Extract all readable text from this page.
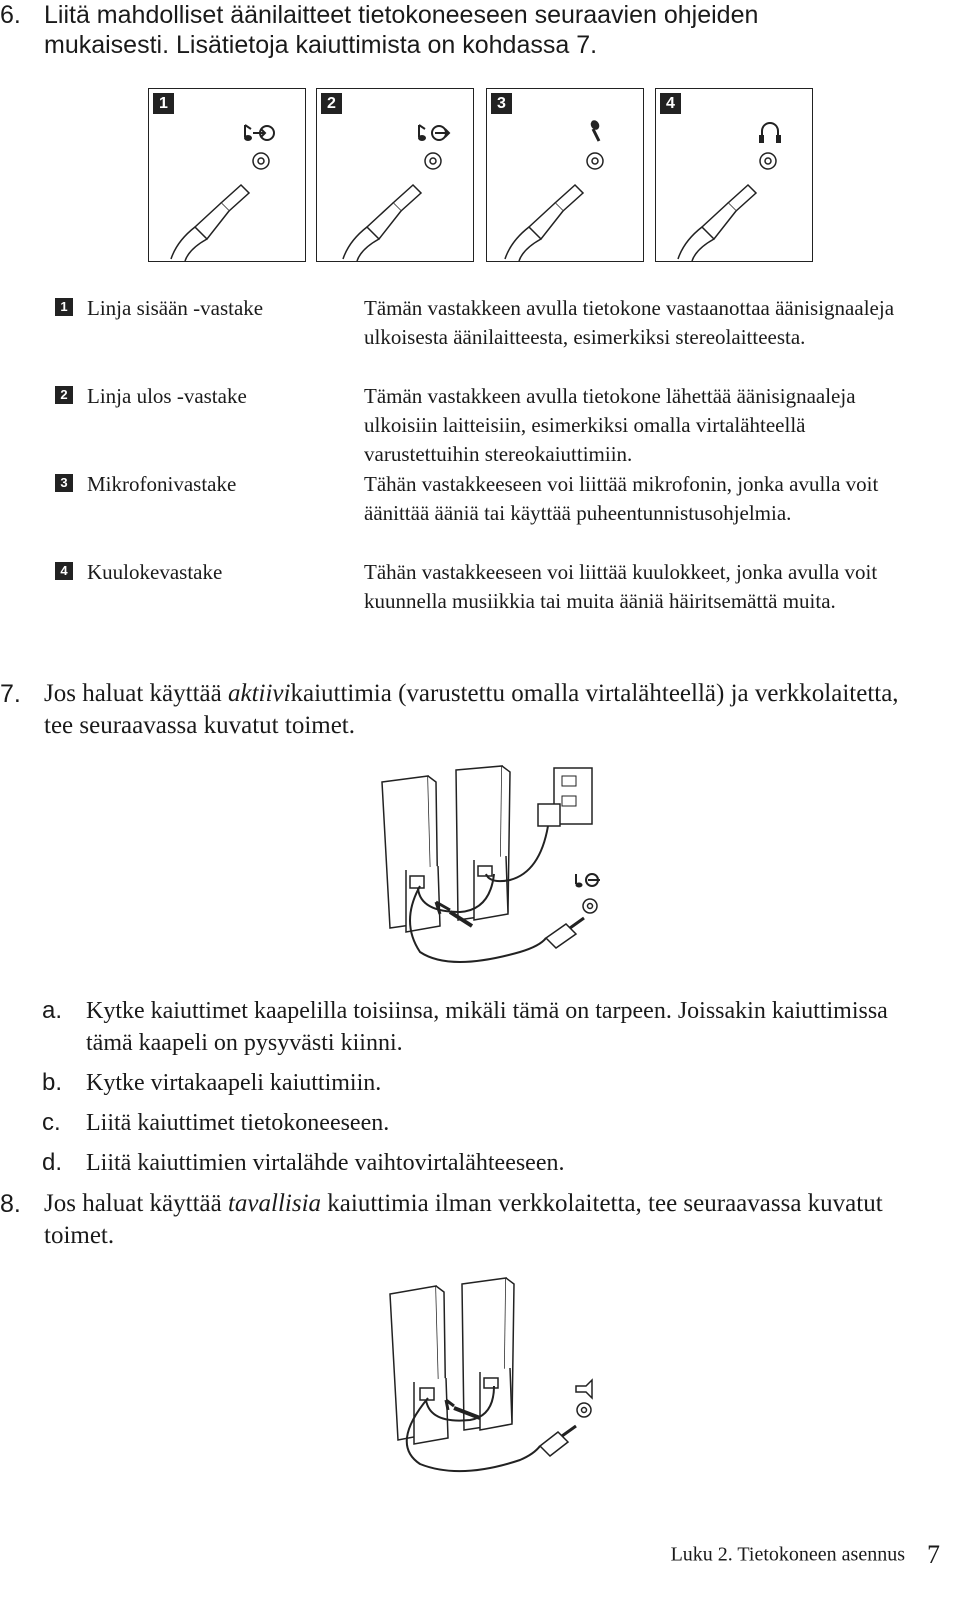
6. Liitä mahdolliset äänilaitteet tietokoneeseen seuraavien ohjeiden mukaisesti. Lisätietoja kaiuttimista on kohdassa 7.
1	2	3	4
1 Linja sisään -vastake	Tämän vastakkeen avulla tietokone vastaanottaa äänisignaaleja ulkoisesta äänilaitteesta, esimerkiksi stereolaitteesta.
2 Linja ulos -vastake	Tämän vastakkeen avulla tietokone lähettää äänisignaaleja ulkoisiin laitteisiin, esimerkiksi omalla virtalähteellä varustettuihin stereokaiuttimiin.
3 Mikrofonivastake	Tähän vastakkeeseen voi liittää mikrofonin, jonka avulla voit äänittää ääniä tai käyttää puheentunnistusohjelmia.
4 Kuulokevastake	Tähän vastakkeeseen voi liittää kuulokkeet, jonka avulla voit kuunnella musiikkia tai muita ääniä häiritsemättä muita.
7. Jos haluat käyttää aktiivikaiuttimia (varustettu omalla virtalähteellä) ja verkkolaitetta, tee seuraavassa kuvatut toimet.
a. Kytke kaiuttimet kaapelilla toisiinsa, mikäli tämä on tarpeen. Joissakin kaiuttimissa tämä kaapeli on pysyvästi kiinni.
b. Kytke virtakaapeli kaiuttimiin.
c. Liitä kaiuttimet tietokoneeseen.
d. Liitä kaiuttimien virtalähde vaihtovirtalähteeseen.
8. Jos haluat käyttää tavallisia kaiuttimia ilman verkkolaitetta, tee seuraavassa kuvatut toimet.
Luku 2. Tietokoneen asennus 7
